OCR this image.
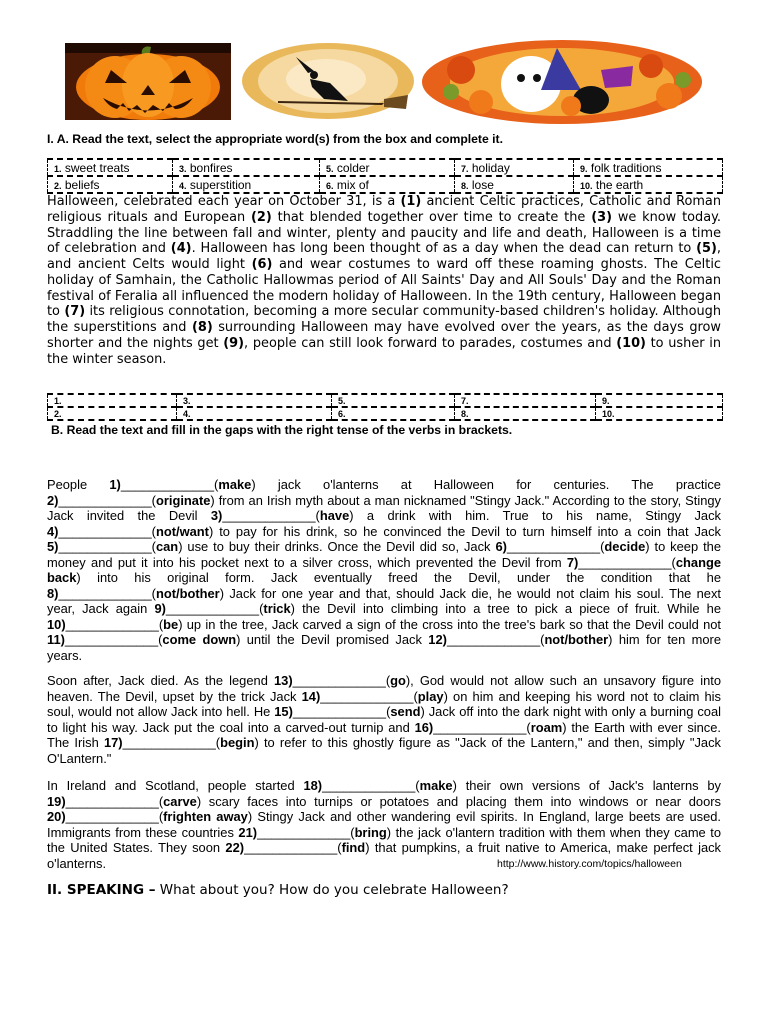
I. A. Read the text, select the appropriate word(s) from the box and complete it.
1. sweet treats	3. bonfires	5. colder	7. holiday	9. folk traditions
2. beliefs	4. superstition	6. mix of	8. lose	10. the earth

Halloween, celebrated each year on October 31, is a (1) ancient Celtic practices, Catholic and Roman religious rituals and European (2) that blended together over time to create the (3) we know today. Straddling the line between fall and winter, plenty and paucity and life and death, Halloween is a time of celebration and (4). Halloween has long been thought of as a day when the dead can return to (5), and ancient Celts would light (6) and wear costumes to ward off these roaming ghosts. The Celtic holiday of Samhain, the Catholic Hallowmas period of All Saints' Day and All Souls' Day and the Roman festival of Feralia all influenced the modern holiday of Halloween. In the 19th century, Halloween began to (7) its religious connotation, becoming a more secular community-based children's holiday. Although the superstitions and (8) surrounding Halloween may have evolved over the years, as the days grow shorter and the nights get (9), people can still look forward to parades, costumes and (10) to usher in the winter season.

1.	3.	5.	7.	9.
2.	4.	6.	8.	10.
B. Read the text and fill in the gaps with the right tense of the verbs in brackets.

People 1)_____________(make) jack o'lanterns at Halloween for centuries. The practice 2)_____________(originate) from an Irish myth about a man nicknamed "Stingy Jack." According to the story, Stingy Jack invited the Devil 3)_____________(have) a drink with him. True to his name, Stingy Jack 4)_____________(not/want) to pay for his drink, so he convinced the Devil to turn himself into a coin that Jack 5)_____________(can) use to buy their drinks. Once the Devil did so, Jack 6)_____________(decide) to keep the money and put it into his pocket next to a silver cross, which prevented the Devil from 7)_____________(change back) into his original form. Jack eventually freed the Devil, under the condition that he 8)_____________(not/bother) Jack for one year and that, should Jack die, he would not claim his soul. The next year, Jack again 9)_____________(trick) the Devil into climbing into a tree to pick a piece of fruit. While he 10)_____________(be) up in the tree, Jack carved a sign of the cross into the tree's bark so that the Devil could not 11)_____________(come down) until the Devil promised Jack 12)_____________(not/bother) him for ten more years.

Soon after, Jack died. As the legend 13)_____________(go), God would not allow such an unsavory figure into heaven. The Devil, upset by the trick Jack 14)_____________(play) on him and keeping his word not to claim his soul, would not allow Jack into hell. He 15)_____________(send) Jack off into the dark night with only a burning coal to light his way. Jack put the coal into a carved-out turnip and 16)_____________(roam) the Earth with ever since. The Irish 17)_____________(begin) to refer to this ghostly figure as "Jack of the Lantern," and then, simply "Jack O'Lantern."

In Ireland and Scotland, people started 18)_____________(make) their own versions of Jack's lanterns by 19)_____________(carve) scary faces into turnips or potatoes and placing them into windows or near doors 20)_____________(frighten away) Stingy Jack and other wandering evil spirits. In England, large beets are used. Immigrants from these countries 21)_____________(bring) the jack o'lantern tradition with them when they came to the United States. They soon 22)_____________(find) that pumpkins, a fruit native to America, make perfect jack o'lanterns.	http://www.history.com/topics/halloween
II. SPEAKING – What about you? How do you celebrate Halloween?
